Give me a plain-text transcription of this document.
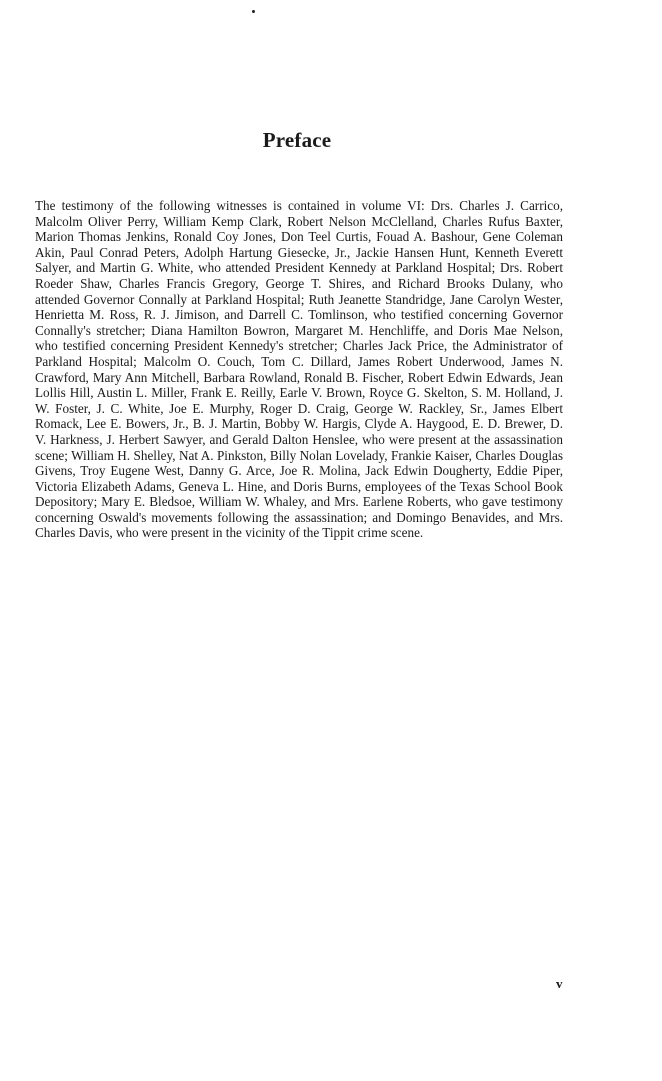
Preface

The testimony of the following witnesses is contained in volume VI: Drs. Charles J. Carrico, Malcolm Oliver Perry, William Kemp Clark, Robert Nelson McClelland, Charles Rufus Baxter, Marion Thomas Jenkins, Ronald Coy Jones, Don Teel Curtis, Fouad A. Bashour, Gene Coleman Akin, Paul Conrad Peters, Adolph Hartung Giesecke, Jr., Jackie Hansen Hunt, Kenneth Everett Salyer, and Martin G. White, who attended President Kennedy at Parkland Hospital; Drs. Robert Roeder Shaw, Charles Francis Gregory, George T. Shires, and Richard Brooks Dulany, who attended Governor Connally at Parkland Hospital; Ruth Jeanette Standridge, Jane Carolyn Wester, Henrietta M. Ross, R. J. Jimison, and Darrell C. Tomlinson, who testified concerning Governor Connally's stretcher; Diana Hamilton Bowron, Margaret M. Henchliffe, and Doris Mae Nelson, who testified concerning President Kennedy's stretcher; Charles Jack Price, the Administrator of Parkland Hospital; Malcolm O. Couch, Tom C. Dillard, James Robert Underwood, James N. Crawford, Mary Ann Mitchell, Barbara Rowland, Ronald B. Fischer, Robert Edwin Edwards, Jean Lollis Hill, Austin L. Miller, Frank E. Reilly, Earle V. Brown, Royce G. Skelton, S. M. Holland, J. W. Foster, J. C. White, Joe E. Murphy, Roger D. Craig, George W. Rackley, Sr., James Elbert Romack, Lee E. Bowers, Jr., B. J. Martin, Bobby W. Hargis, Clyde A. Haygood, E. D. Brewer, D. V. Harkness, J. Herbert Sawyer, and Gerald Dalton Henslee, who were present at the assassination scene; William H. Shelley, Nat A. Pinkston, Billy Nolan Lovelady, Frankie Kaiser, Charles Douglas Givens, Troy Eugene West, Danny G. Arce, Joe R. Molina, Jack Edwin Dougherty, Eddie Piper, Victoria Elizabeth Adams, Geneva L. Hine, and Doris Burns, employees of the Texas School Book Depository; Mary E. Bledsoe, William W. Whaley, and Mrs. Earlene Roberts, who gave testimony concerning Oswald's movements following the assassination; and Domingo Benavides, and Mrs. Charles Davis, who were present in the vicinity of the Tippit crime scene.

v
